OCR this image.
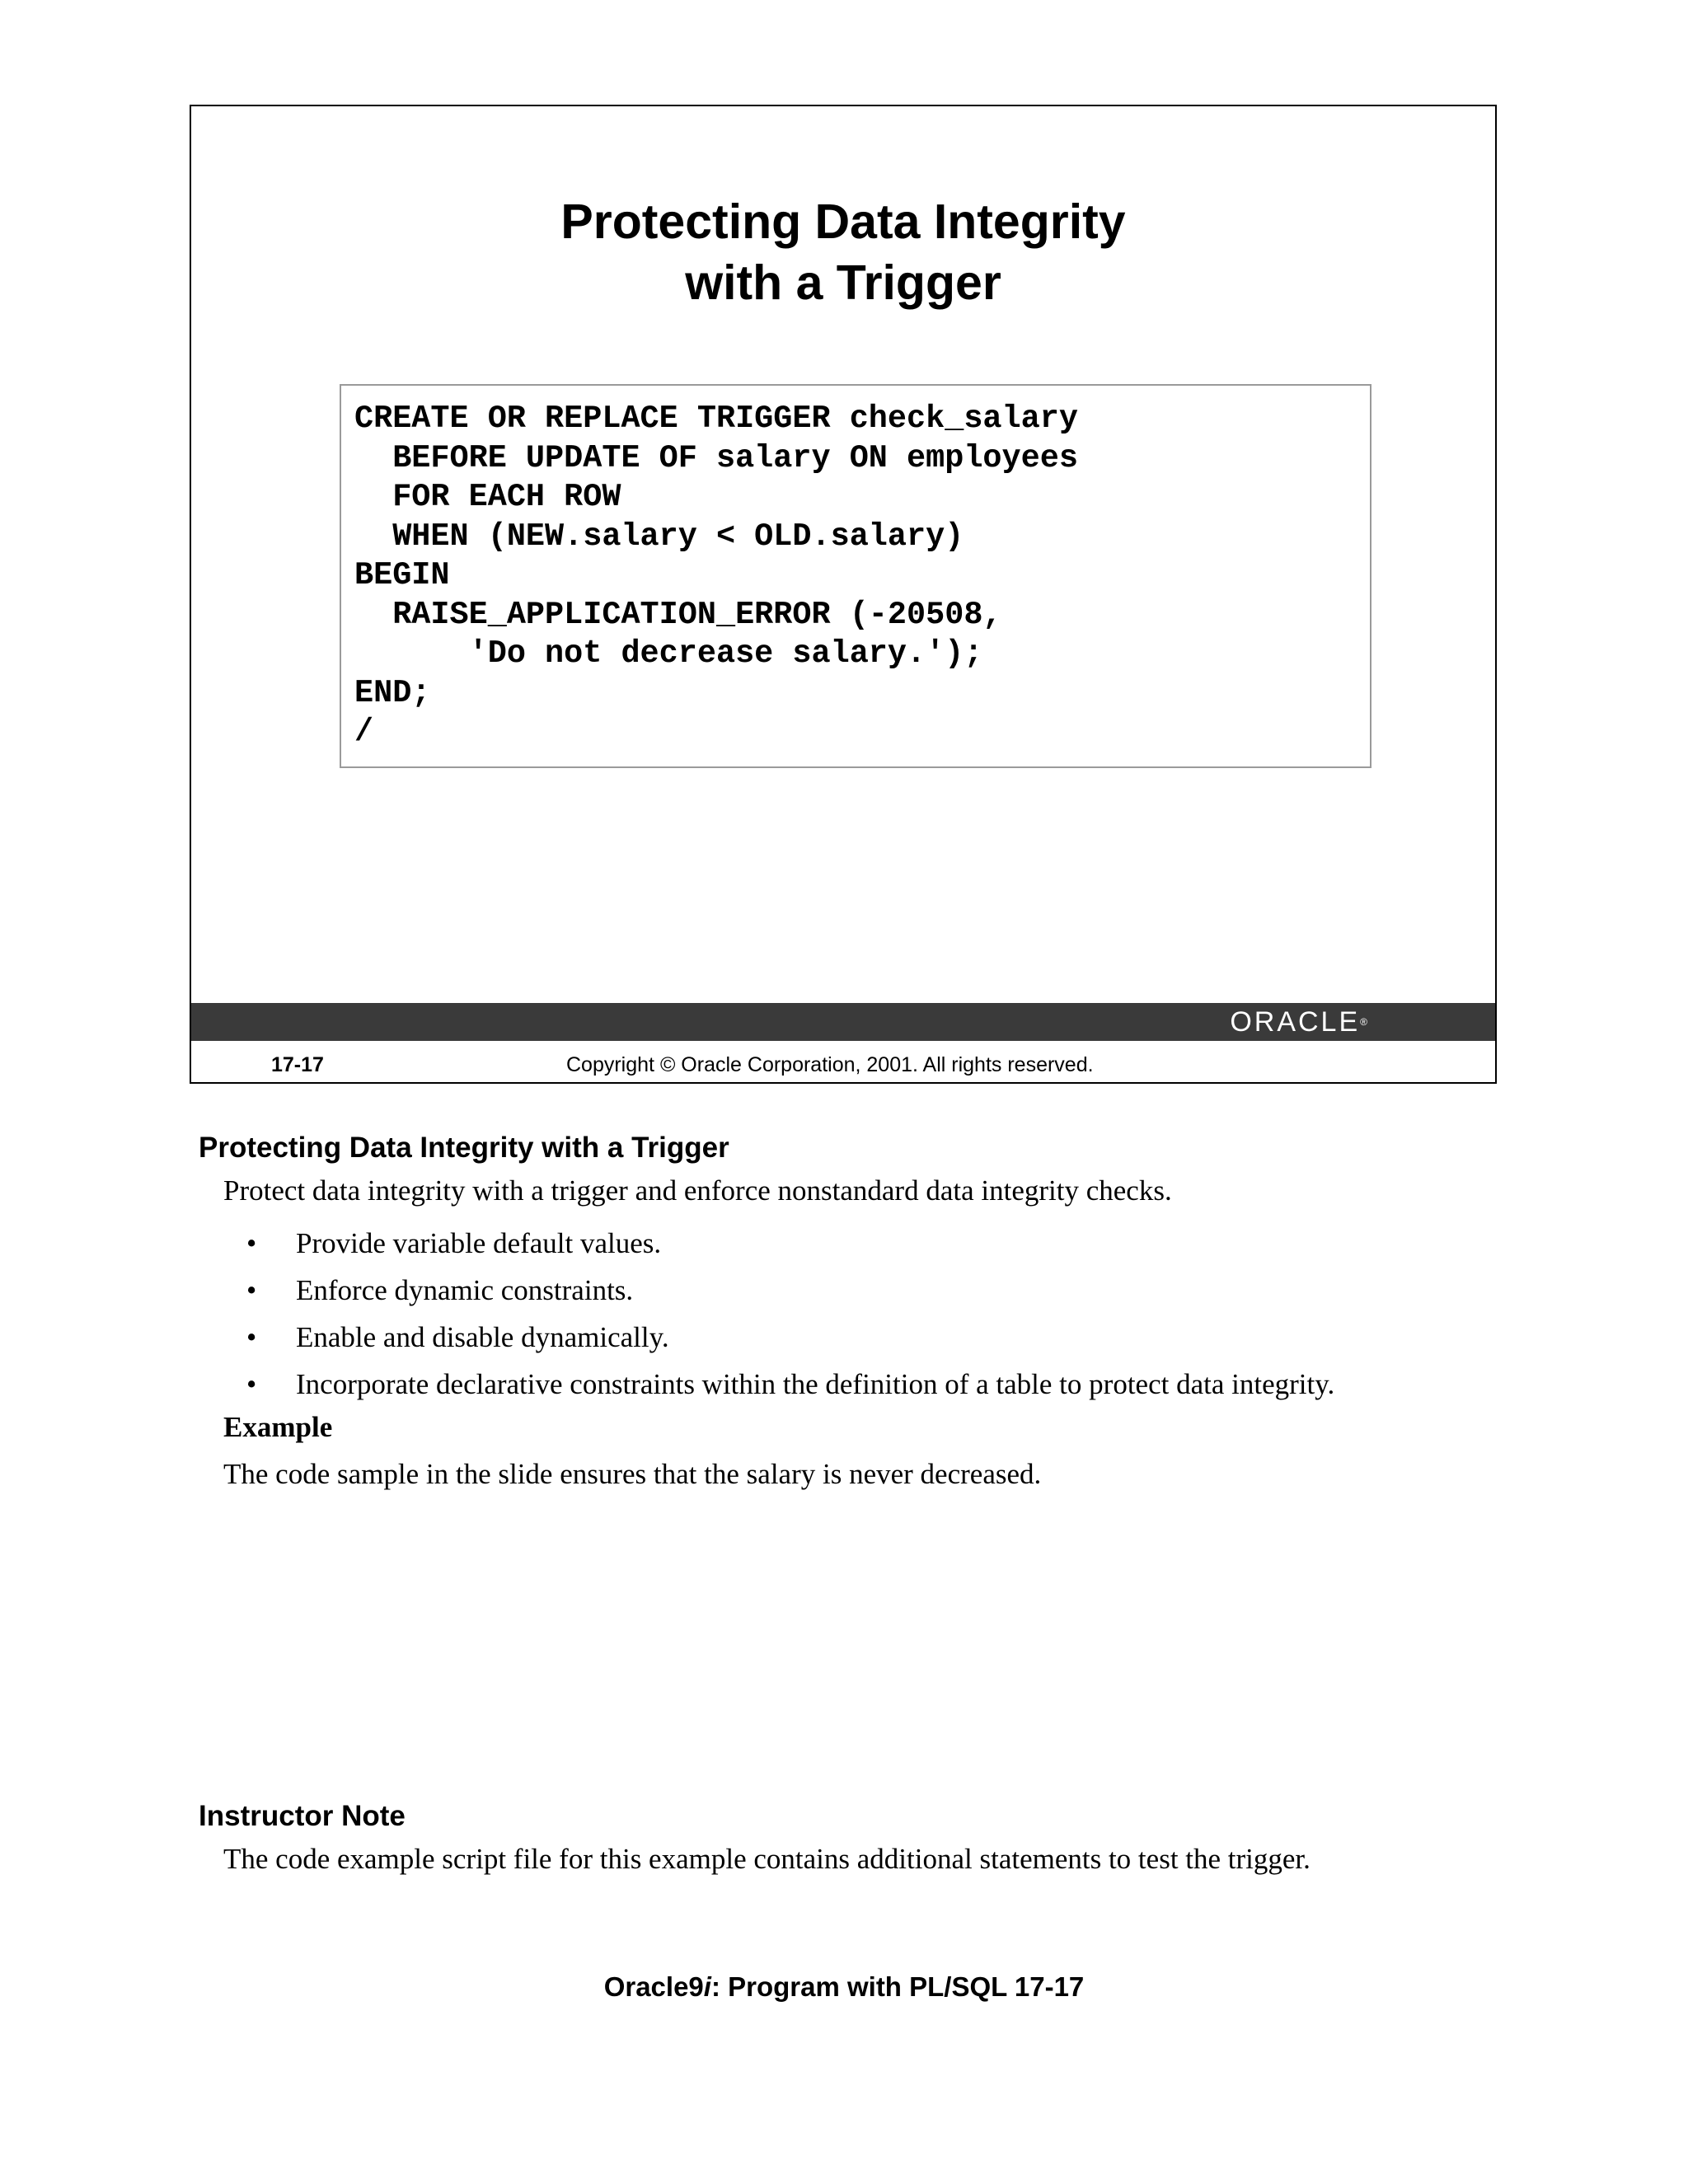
Protecting Data Integrity
with a Trigger
CREATE OR REPLACE TRIGGER check_salary
BEFORE UPDATE OF salary ON employees
FOR EACH ROW
WHEN (NEW.salary < OLD.salary)
BEGIN
RAISE_APPLICATION_ERROR (-20508,
'Do not decrease salary.');
END;
/
ORACLE®
17-17	Copyright © Oracle Corporation, 2001. All rights reserved.
Protecting Data Integrity with a Trigger

Protect data integrity with a trigger and enforce nonstandard data integrity checks.

• Provide variable default values.
• Enforce dynamic constraints.
• Enable and disable dynamically.
• Incorporate declarative constraints within the definition of a table to protect data integrity.

Example

The code sample in the slide ensures that the salary is never decreased.

Instructor Note

The code example script file for this example contains additional statements to test the trigger.

Oracle9i: Program with PL/SQL 17-17
